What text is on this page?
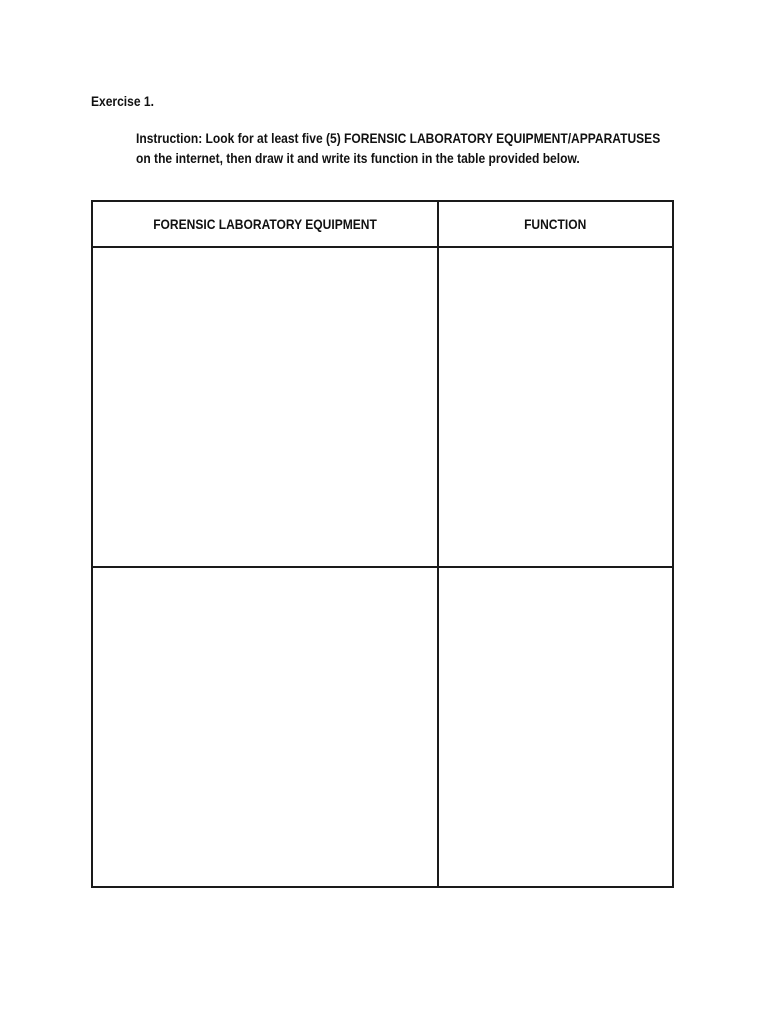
Exercise 1.
Instruction: Look for at least five (5) FORENSIC LABORATORY EQUIPMENT/APPARATUSES
on the internet, then draw it and write its function in the table provided below.
FORENSIC LABORATORY EQUIPMENT	FUNCTION
